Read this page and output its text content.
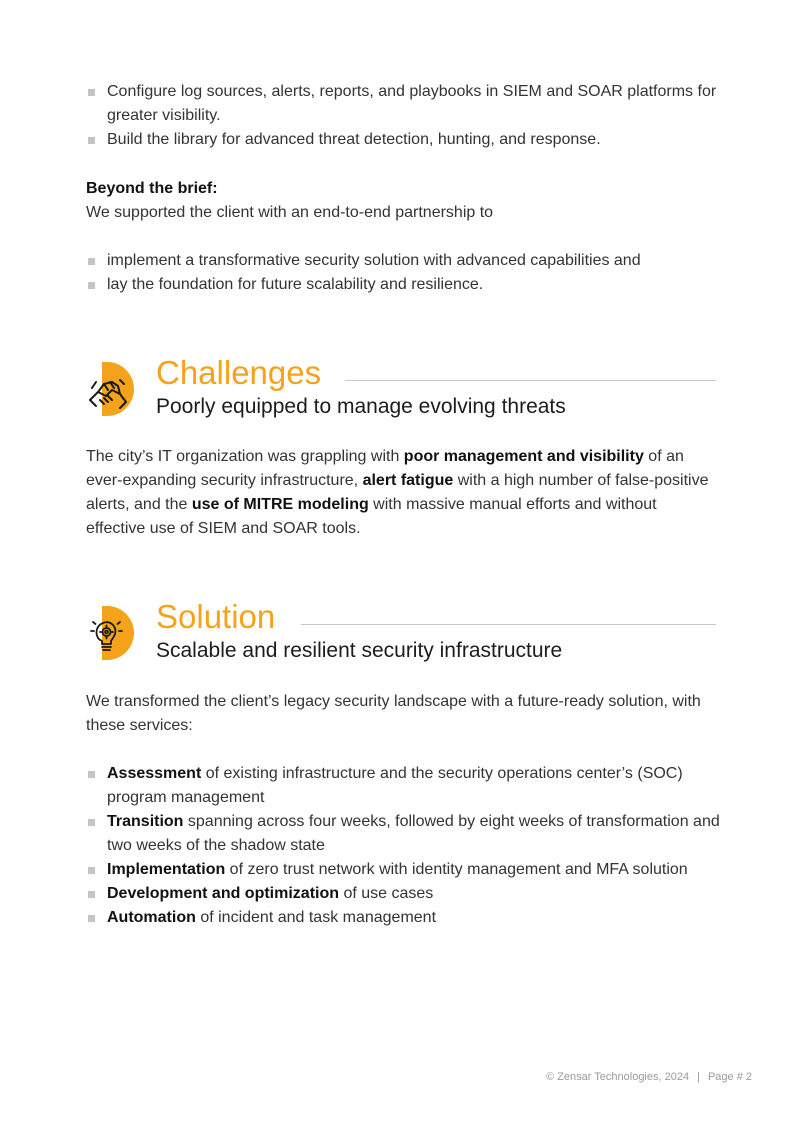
Configure log sources, alerts, reports, and playbooks in SIEM and SOAR platforms for greater visibility.
Build the library for advanced threat detection, hunting, and response.
Beyond the brief:
We supported the client with an end-to-end partnership to
implement a transformative security solution with advanced capabilities and
lay the foundation for future scalability and resilience.
Challenges
Poorly equipped to manage evolving threats
The city’s IT organization was grappling with poor management and visibility of an ever-expanding security infrastructure, alert fatigue with a high number of false-positive alerts, and the use of MITRE modeling with massive manual efforts and without effective use of SIEM and SOAR tools.
Solution
Scalable and resilient security infrastructure
We transformed the client’s legacy security landscape with a future-ready solution, with these services:
Assessment of existing infrastructure and the security operations center’s (SOC) program management
Transition spanning across four weeks, followed by eight weeks of transformation and two weeks of the shadow state
Implementation of zero trust network with identity management and MFA solution
Development and optimization of use cases
Automation of incident and task management
© Zensar Technologies, 2024 | Page # 2
